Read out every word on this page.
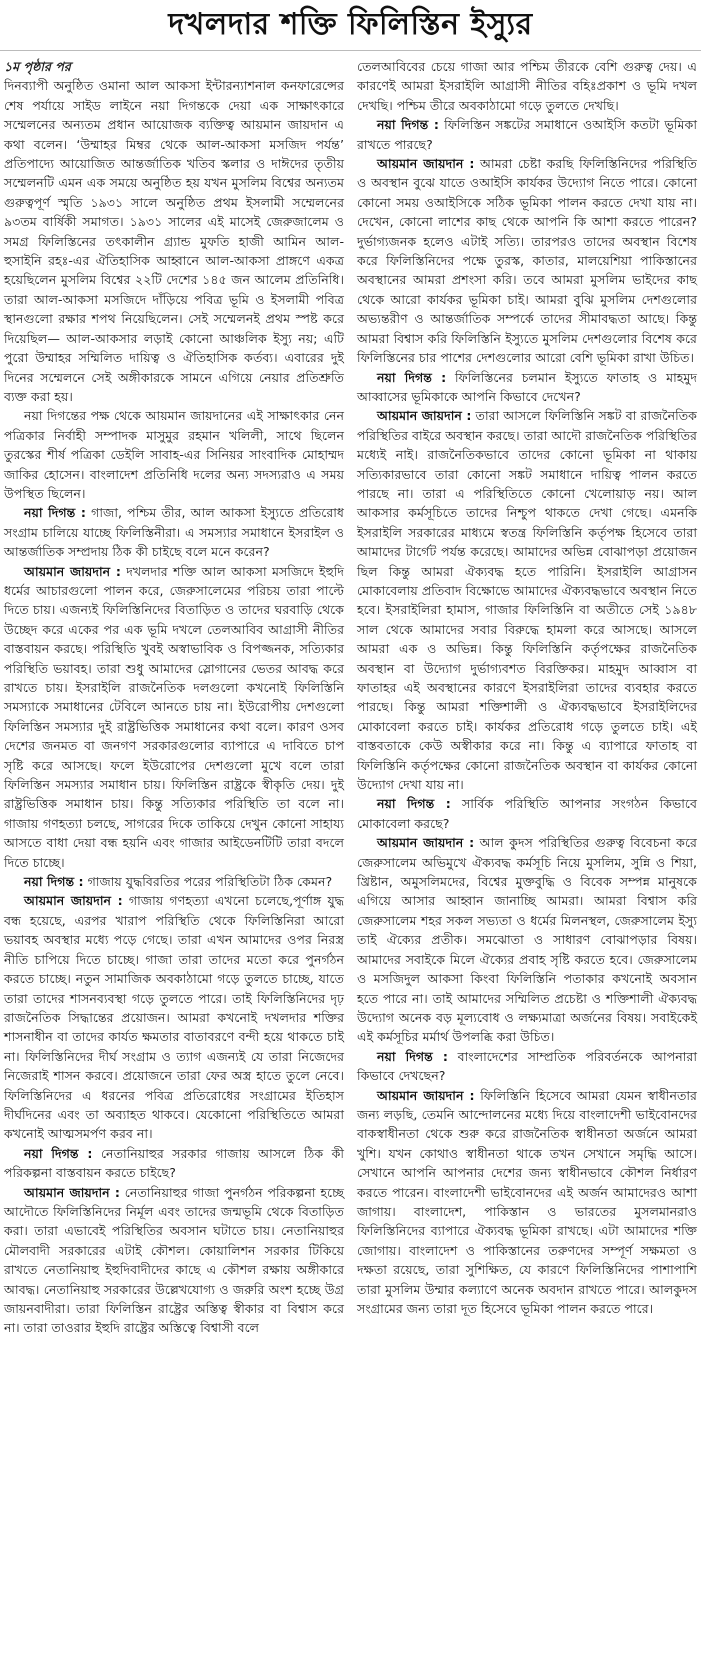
দখলদার শক্তি ফিলিস্তিন ইস্যুর
১ম পৃষ্ঠার পর

দিনব্যাপী অনুষ্ঠিত ওমানা আল আকসা ইন্টারন্যাশনাল কনফারেন্সের শেষ পর্যায়ে সাইড লাইনে নয়া দিগন্তকে দেয়া এক সাক্ষাৎকারে সম্মেলনের অন্যতম প্রধান আয়োজক ব্যক্তিত্ব আয়মান জায়দান এ কথা বলেন। ‘উম্মাহর মিম্বর থেকে আল-আকসা মসজিদ পর্যন্ত’ প্রতিপাদ্যে আয়োজিত আন্তর্জাতিক খতিব স্কলার ও দাঈদের তৃতীয় সম্মেলনটি এমন এক সময়ে অনুষ্ঠিত হয় যখন মুসলিম বিশ্বের অন্যতম গুরুত্বপূর্ণ স্মৃতি ১৯৩১ সালে অনুষ্ঠিত প্রথম ইসলামী সম্মেলনের ৯৩তম বার্ষিকী সমাগত। ১৯৩১ সালের এই মাসেই জেরুজালেম ও সমগ্র ফিলিস্তিনের তৎকালীন গ্র্যান্ড মুফতি হাজী আমিন আল-হুসাইনি রহঃ-এর ঐতিহাসিক আহ্বানে আল-আকসা প্রাঙ্গণে একত্র হয়েছিলেন মুসলিম বিশ্বের ২২টি দেশের ১৪৫ জন আলেম প্রতিনিধি। তারা আল-আকসা মসজিদে দাঁড়িয়ে পবিত্র ভূমি ও ইসলামী পবিত্র স্থানগুলো রক্ষার শপথ নিয়েছিলেন। সেই সম্মেলনই প্রথম স্পষ্ট করে দিয়েছিল— আল-আকসার লড়াই কোনো আঞ্চলিক ইস্যু নয়; এটি পুরো উম্মাহর সম্মিলিত দায়িত্ব ও ঐতিহাসিক কর্তব্য। এবারের দুই দিনের সম্মেলনে সেই অঙ্গীকারকে সামনে এগিয়ে নেয়ার প্রতিশ্রুতি ব্যক্ত করা হয়।

নয়া দিগন্তের পক্ষ থেকে আয়মান জায়দানের এই সাক্ষাৎকার নেন পত্রিকার নির্বাহী সম্পাদক মাসুমুর রহমান খলিলী, সাথে ছিলেন তুরস্কের শীর্ষ পত্রিকা ডেইলি সাবাহ-এর সিনিয়র সাংবাদিক মোহাম্মদ জাকির হোসেন। বাংলাদেশ প্রতিনিধি দলের অন্য সদস্যরাও এ সময় উপস্থিত ছিলেন।

নয়া দিগন্ত : গাজা, পশ্চিম তীর, আল আকসা ইস্যুতে প্রতিরোধ সংগ্রাম চালিয়ে যাচ্ছে ফিলিস্তিনীরা। এ সমস্যার সমাধানে ইসরাইল ও আন্তর্জাতিক সম্প্রদায় ঠিক কী চাইছে বলে মনে করেন?

আয়মান জায়দান : দখলদার শক্তি আল আকসা মসজিদে ইহুদি ধর্মের আচারগুলো পালন করে, জেরুসালেমের পরিচয় তারা পাল্টে দিতে চায়। এজন্যই ফিলিস্তিনিদের বিতাড়িত ও তাদের ঘরবাড়ি থেকে উচ্ছেদ করে একের পর এক ভূমি দখলে তেলআবিব আগ্রাসী নীতির বাস্তবায়ন করছে। পরিস্থিতি খুবই অস্বাভাবিক ও বিপজ্জনক, সত্যিকার পরিস্থিতি ভয়াবহ। তারা শুধু আমাদের স্লোগানের ভেতর আবদ্ধ করে রাখতে চায়। ইসরাইলি রাজনৈতিক দলগুলো কখনোই ফিলিস্তিনি সমস্যাকে সমাধানের টেবিলে আনতে চায় না। ইউরোপীয় দেশগুলো ফিলিস্তিন সমস্যার দুই রাষ্ট্রভিত্তিক সমাধানের কথা বলে। কারণ ওসব দেশের জনমত বা জনগণ সরকারগুলোর ব্যাপারে এ দাবিতে চাপ সৃষ্টি করে আসছে। ফলে ইউরোপের দেশগুলো মুখে বলে তারা ফিলিস্তিন সমস্যার সমাধান চায়। ফিলিস্তিন রাষ্ট্রকে স্বীকৃতি দেয়। দুই রাষ্ট্রভিত্তিক সমাধান চায়। কিন্তু সত্যিকার পরিস্থিতি তা বলে না। গাজায় গণহত্যা চলছে, সাগরের দিকে তাকিয়ে দেখুন কোনো সাহায্য আসতে বাধা দেয়া বন্ধ হয়নি এবং গাজার আইডেনটিটি তারা বদলে দিতে চাচ্ছে।

নয়া দিগন্ত : গাজায় যুদ্ধবিরতির পরের পরিস্থিতিটা ঠিক কেমন?

আয়মান জায়দান : গাজায় গণহত্যা এখনো চলেছে,পূর্ণাঙ্গ যুদ্ধ বন্ধ হয়েছে, এরপর খারাপ পরিস্থিতি থেকে ফিলিস্তিনিরা আরো ভয়াবহ অবস্থার মধ্যে পড়ে গেছে। তারা এখন আমাদের ওপর নিরস্ত্র নীতি চাপিয়ে দিতে চাচ্ছে। গাজা তারা তাদের মতো করে পুনর্গঠন করতে চাচ্ছে। নতুন সামাজিক অবকাঠামো গড়ে তুলতে চাচ্ছে, যাতে তারা তাদের শাসনব্যবস্থা গড়ে তুলতে পারে। তাই ফিলিস্তিনিদের দৃঢ় রাজনৈতিক সিদ্ধান্তের প্রয়োজন। আমরা কখনোই দখলদার শক্তির শাসনাধীন বা তাদের কার্যত ক্ষমতার বাতাবরণে বন্দী হয়ে থাকতে চাই না। ফিলিস্তিনিদের দীর্ঘ সংগ্রাম ও ত্যাগ এজন্যই যে তারা নিজেদের নিজেরাই শাসন করবে। প্রয়োজনে তারা ফের অস্ত্র হাতে তুলে নেবে। ফিলিস্তিনিদের এ ধরনের পবিত্র প্রতিরোধের সংগ্রামের ইতিহাস দীর্ঘদিনের এবং তা অব্যাহত থাকবে। যেকোনো পরিস্থিতিতে আমরা কখনোই আত্মসমর্পণ করব না।

নয়া দিগন্ত : নেতানিয়াহুর সরকার গাজায় আসলে ঠিক কী পরিকল্পনা বাস্তবায়ন করতে চাইছে?

আয়মান জায়দান : নেতানিয়াহুর গাজা পুনর্গঠন পরিকল্পনা হচ্ছে আদৌতে ফিলিস্তিনিদের নির্মূল এবং তাদের জন্মভূমি থেকে বিতাড়িত করা। তারা এভাবেই পরিস্থিতির অবসান ঘটাতে চায়। নেতানিয়াহুর মৌলবাদী সরকারের এটাই কৌশল। কোয়ালিশন সরকার টিকিয়ে রাখতে নেতানিয়াহু ইহুদিবাদীদের কাছে এ কৌশল রক্ষায় অঙ্গীকারে আবদ্ধ। নেতানিয়াহু সরকারের উল্লেখযোগ্য ও জরুরি অংশ হচ্ছে উগ্র জায়নবাদীরা। তারা ফিলিস্তিন রাষ্ট্রের অস্তিত্ব স্বীকার বা বিশ্বাস করে না। তারা তাওরার ইহুদি রাষ্ট্রের অস্তিত্বে বিশ্বাসী বলে

তেলআবিবের চেয়ে গাজা আর পশ্চিম তীরকে বেশি গুরুত্ব দেয়। এ কারণেই আমরা ইসরাইলি আগ্রাসী নীতির বহিঃপ্রকাশ ও ভূমি দখল দেখছি। পশ্চিম তীরে অবকাঠামো গড়ে তুলতে দেখছি।

নয়া দিগন্ত : ফিলিস্তিন সঙ্কটের সমাধানে ওআইসি কতটা ভূমিকা রাখতে পারছে?

আয়মান জায়দান : আমরা চেষ্টা করছি ফিলিস্তিনিদের পরিস্থিতি ও অবস্থান বুঝে যাতে ওআইসি কার্যকর উদ্যোগ নিতে পারে। কোনো কোনো সময় ওআইসিকে সঠিক ভূমিকা পালন করতে দেখা যায় না। দেখেন, কোনো লাশের কাছ থেকে আপনি কি আশা করতে পারেন? দুর্ভাগ্যজনক হলেও এটাই সত্যি। তারপরও তাদের অবস্থান বিশেষ করে ফিলিস্তিনিদের পক্ষে তুরস্ক, কাতার, মালয়েশিয়া পাকিস্তানের অবস্থানের আমরা প্রশংসা করি। তবে আমরা মুসলিম ভাইদের কাছ থেকে আরো কার্যকর ভূমিকা চাই। আমরা বুঝি মুসলিম দেশগুলোর অভ্যন্তরীণ ও আন্তর্জাতিক সম্পর্কে তাদের সীমাবদ্ধতা আছে। কিন্তু আমরা বিশ্বাস করি ফিলিস্তিনি ইস্যুতে মুসলিম দেশগুলোর বিশেষ করে ফিলিস্তিনের চার পাশের দেশগুলোর আরো বেশি ভূমিকা রাখা উচিত।

নয়া দিগন্ত : ফিলিস্তিনের চলমান ইস্যুতে ফাতাহ ও মাহমুদ আব্বাসের ভূমিকাকে আপনি কিভাবে দেখেন?

আয়মান জায়দান : তারা আসলে ফিলিস্তিনি সঙ্কট বা রাজনৈতিক পরিস্থিতির বাইরে অবস্থান করছে। তারা আদৌ রাজনৈতিক পরিস্থিতির মধ্যেই নাই। রাজনৈতিকভাবে তাদের কোনো ভূমিকা না থাকায় সত্যিকারভাবে তারা কোনো সঙ্কট সমাধানে দায়িত্ব পালন করতে পারছে না। তারা এ পরিস্থিতিতে কোনো খেলোয়াড় নয়। আল আকসার কর্মসূচিতে তাদের নিশ্চুপ থাকতে দেখা গেছে। এমনকি ইসরাইলি সরকারের মাধ্যমে স্বতন্ত্র ফিলিস্তিনি কর্তৃপক্ষ হিসেবে তারা আমাদের টার্গেট পর্যন্ত করেছে। আমাদের অভিন্ন বোঝাপড়া প্রয়োজন ছিল কিন্তু আমরা ঐক্যবদ্ধ হতে পারিনি। ইসরাইলি আগ্রাসন মোকাবেলায় প্রতিবাদ বিক্ষোভে আমাদের ঐক্যবদ্ধভাবে অবস্থান নিতে হবে। ইসরাইলিরা হামাস, গাজার ফিলিস্তিনি বা অতীতে সেই ১৯৪৮ সাল থেকে আমাদের সবার বিরুদ্ধে হামলা করে আসছে। আসলে আমরা এক ও অভিন্ন। কিন্তু ফিলিস্তিনি কর্তৃপক্ষের রাজনৈতিক অবস্থান বা উদ্যোগ দুর্ভাগ্যবশত বিরক্তিকর। মাহমুদ আব্বাস বা ফাতাহর এই অবস্থানের কারণে ইসরাইলিরা তাদের ব্যবহার করতে পারছে। কিন্তু আমরা শক্তিশালী ও ঐক্যবদ্ধভাবে ইসরাইলিদের মোকাবেলা করতে চাই। কার্যকর প্রতিরোধ গড়ে তুলতে চাই। এই বাস্তবতাকে কেউ অস্বীকার করে না। কিন্তু এ ব্যাপারে ফাতাহ বা ফিলিস্তিনি কর্তৃপক্ষের কোনো রাজনৈতিক অবস্থান বা কার্যকর কোনো উদ্যোগ দেখা যায় না।

নয়া দিগন্ত : সার্বিক পরিস্থিতি আপনার সংগঠন কিভাবে মোকাবেলা করছে?

আয়মান জায়দান : আল কুদস পরিস্থিতির গুরুত্ব বিবেচনা করে জেরুসালেম অভিমুখে ঐক্যবদ্ধ কর্মসূচি নিয়ে মুসলিম, সুন্নি ও শিয়া, খ্রিষ্টান, অমুসলিমদের, বিশ্বের মুক্তবুদ্ধি ও বিবেক সম্পন্ন মানুষকে এগিয়ে আসার আহ্বান জানাচ্ছি আমরা। আমরা বিশ্বাস করি জেরুসালেম শহর সকল সভ্যতা ও ধর্মের মিলনস্থল, জেরুসালেম ইস্যু তাই ঐক্যের প্রতীক। সমঝোতা ও সাধারণ বোঝাপড়ার বিষয়। আমাদের সবাইকে মিলে ঐক্যের প্রবাহ সৃষ্টি করতে হবে। জেরুসালেম ও মসজিদুল আকসা কিংবা ফিলিস্তিনি পতাকার কখনোই অবসান হতে পারে না। তাই আমাদের সম্মিলিত প্রচেষ্টা ও শক্তিশালী ঐক্যবদ্ধ উদ্যোগ অনেক বড় মূল্যবোধ ও লক্ষ্যমাত্রা অর্জনের বিষয়। সবাইকেই এই কর্মসূচির মর্মার্থ উপলব্ধি করা উচিত।

নয়া দিগন্ত : বাংলাদেশের সাম্প্রতিক পরিবর্তনকে আপনারা কিভাবে দেখছেন?

আয়মান জায়দান : ফিলিস্তিনি হিসেবে আমরা যেমন স্বাধীনতার জন্য লড়ছি, তেমনি আন্দোলনের মধ্যে দিয়ে বাংলাদেশী ভাইবোনদের বাকস্বাধীনতা থেকে শুরু করে রাজনৈতিক স্বাধীনতা অর্জনে আমরা খুশি। যখন কোথাও স্বাধীনতা থাকে তখন সেখানে সমৃদ্ধি আসে। সেখানে আপনি আপনার দেশের জন্য স্বাধীনভাবে কৌশল নির্ধারণ করতে পারেন। বাংলাদেশী ভাইবোনদের এই অর্জন আমাদেরও আশা জাগায়। বাংলাদেশ, পাকিস্তান ও ভারতের মুসলমানরাও ফিলিস্তিনিদের ব্যাপারে ঐক্যবদ্ধ ভূমিকা রাখছে। এটা আমাদের শক্তি জোগায়। বাংলাদেশ ও পাকিস্তানের তরুণদের সম্পূর্ণ সক্ষমতা ও দক্ষতা রয়েছে, তারা সুশিক্ষিত, যে কারণে ফিলিস্তিনিদের পাশাপাশি তারা মুসলিম উম্মার কল্যাণে অনেক অবদান রাখতে পারে। আলকুদস সংগ্রামের জন্য তারা দূত হিসেবে ভূমিকা পালন করতে পারে।
